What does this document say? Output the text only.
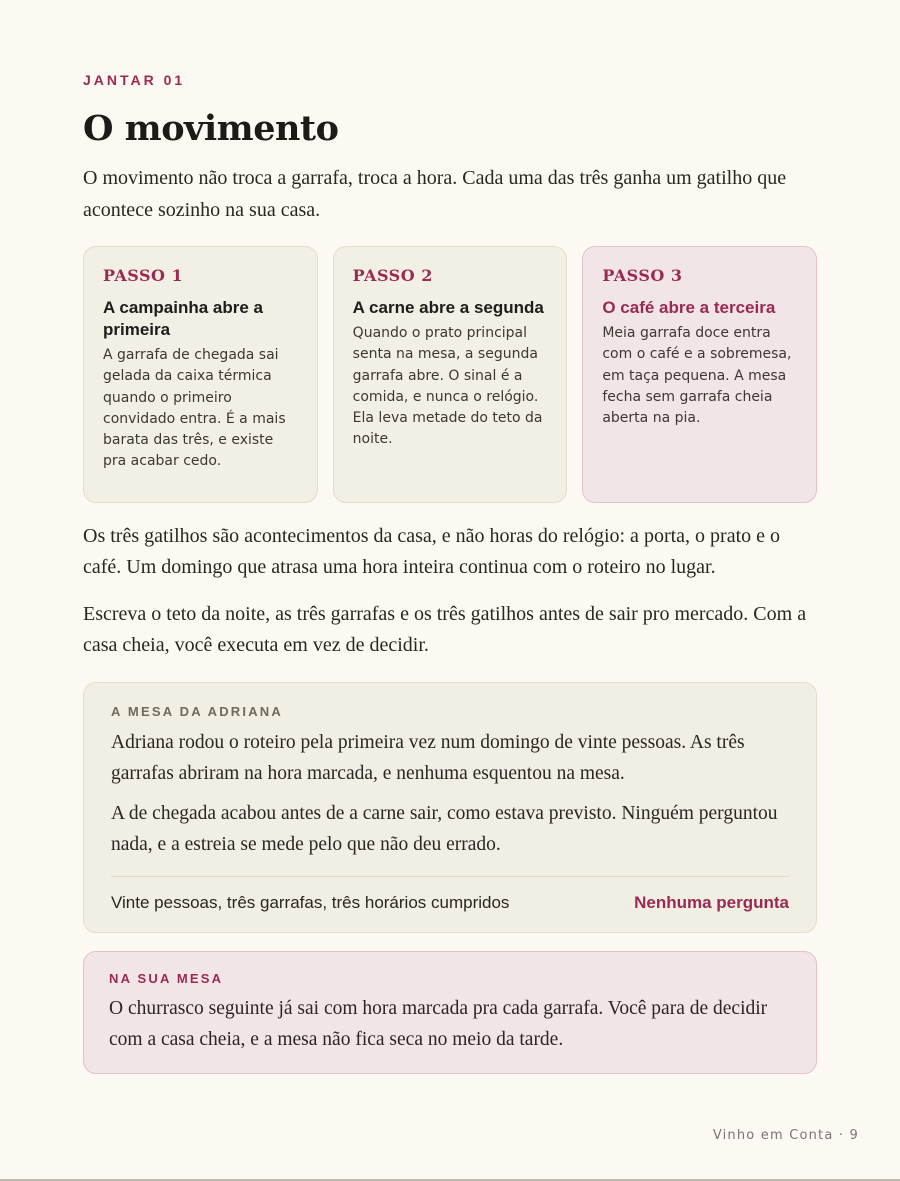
JANTAR 01
O movimento

O movimento não troca a garrafa, troca a hora. Cada uma das três ganha um gatilho que acontece sozinho na sua casa.

PASSO 1
A campainha abre a primeira
A garrafa de chegada sai gelada da caixa térmica quando o primeiro convidado entra. É a mais barata das três, e existe pra acabar cedo.
PASSO 2
A carne abre a segunda
Quando o prato principal senta na mesa, a segunda garrafa abre. O sinal é a comida, e nunca o relógio. Ela leva metade do teto da noite.
PASSO 3
O café abre a terceira
Meia garrafa doce entra com o café e a sobremesa, em taça pequena. A mesa fecha sem garrafa cheia aberta na pia.

Os três gatilhos são acontecimentos da casa, e não horas do relógio: a porta, o prato e o café. Um domingo que atrasa uma hora inteira continua com o roteiro no lugar.

Escreva o teto da noite, as três garrafas e os três gatilhos antes de sair pro mercado. Com a casa cheia, você executa em vez de decidir.

A MESA DA ADRIANA

Adriana rodou o roteiro pela primeira vez num domingo de vinte pessoas. As três garrafas abriram na hora marcada, e nenhuma esquentou na mesa.

A de chegada acabou antes de a carne sair, como estava previsto. Ninguém perguntou nada, e a estreia se mede pelo que não deu errado.

Vinte pessoas, três garrafas, três horários cumpridos	Nenhuma pergunta
NA SUA MESA

O churrasco seguinte já sai com hora marcada pra cada garrafa. Você para de decidir com a casa cheia, e a mesa não fica seca no meio da tarde.

Vinho em Conta · 9
